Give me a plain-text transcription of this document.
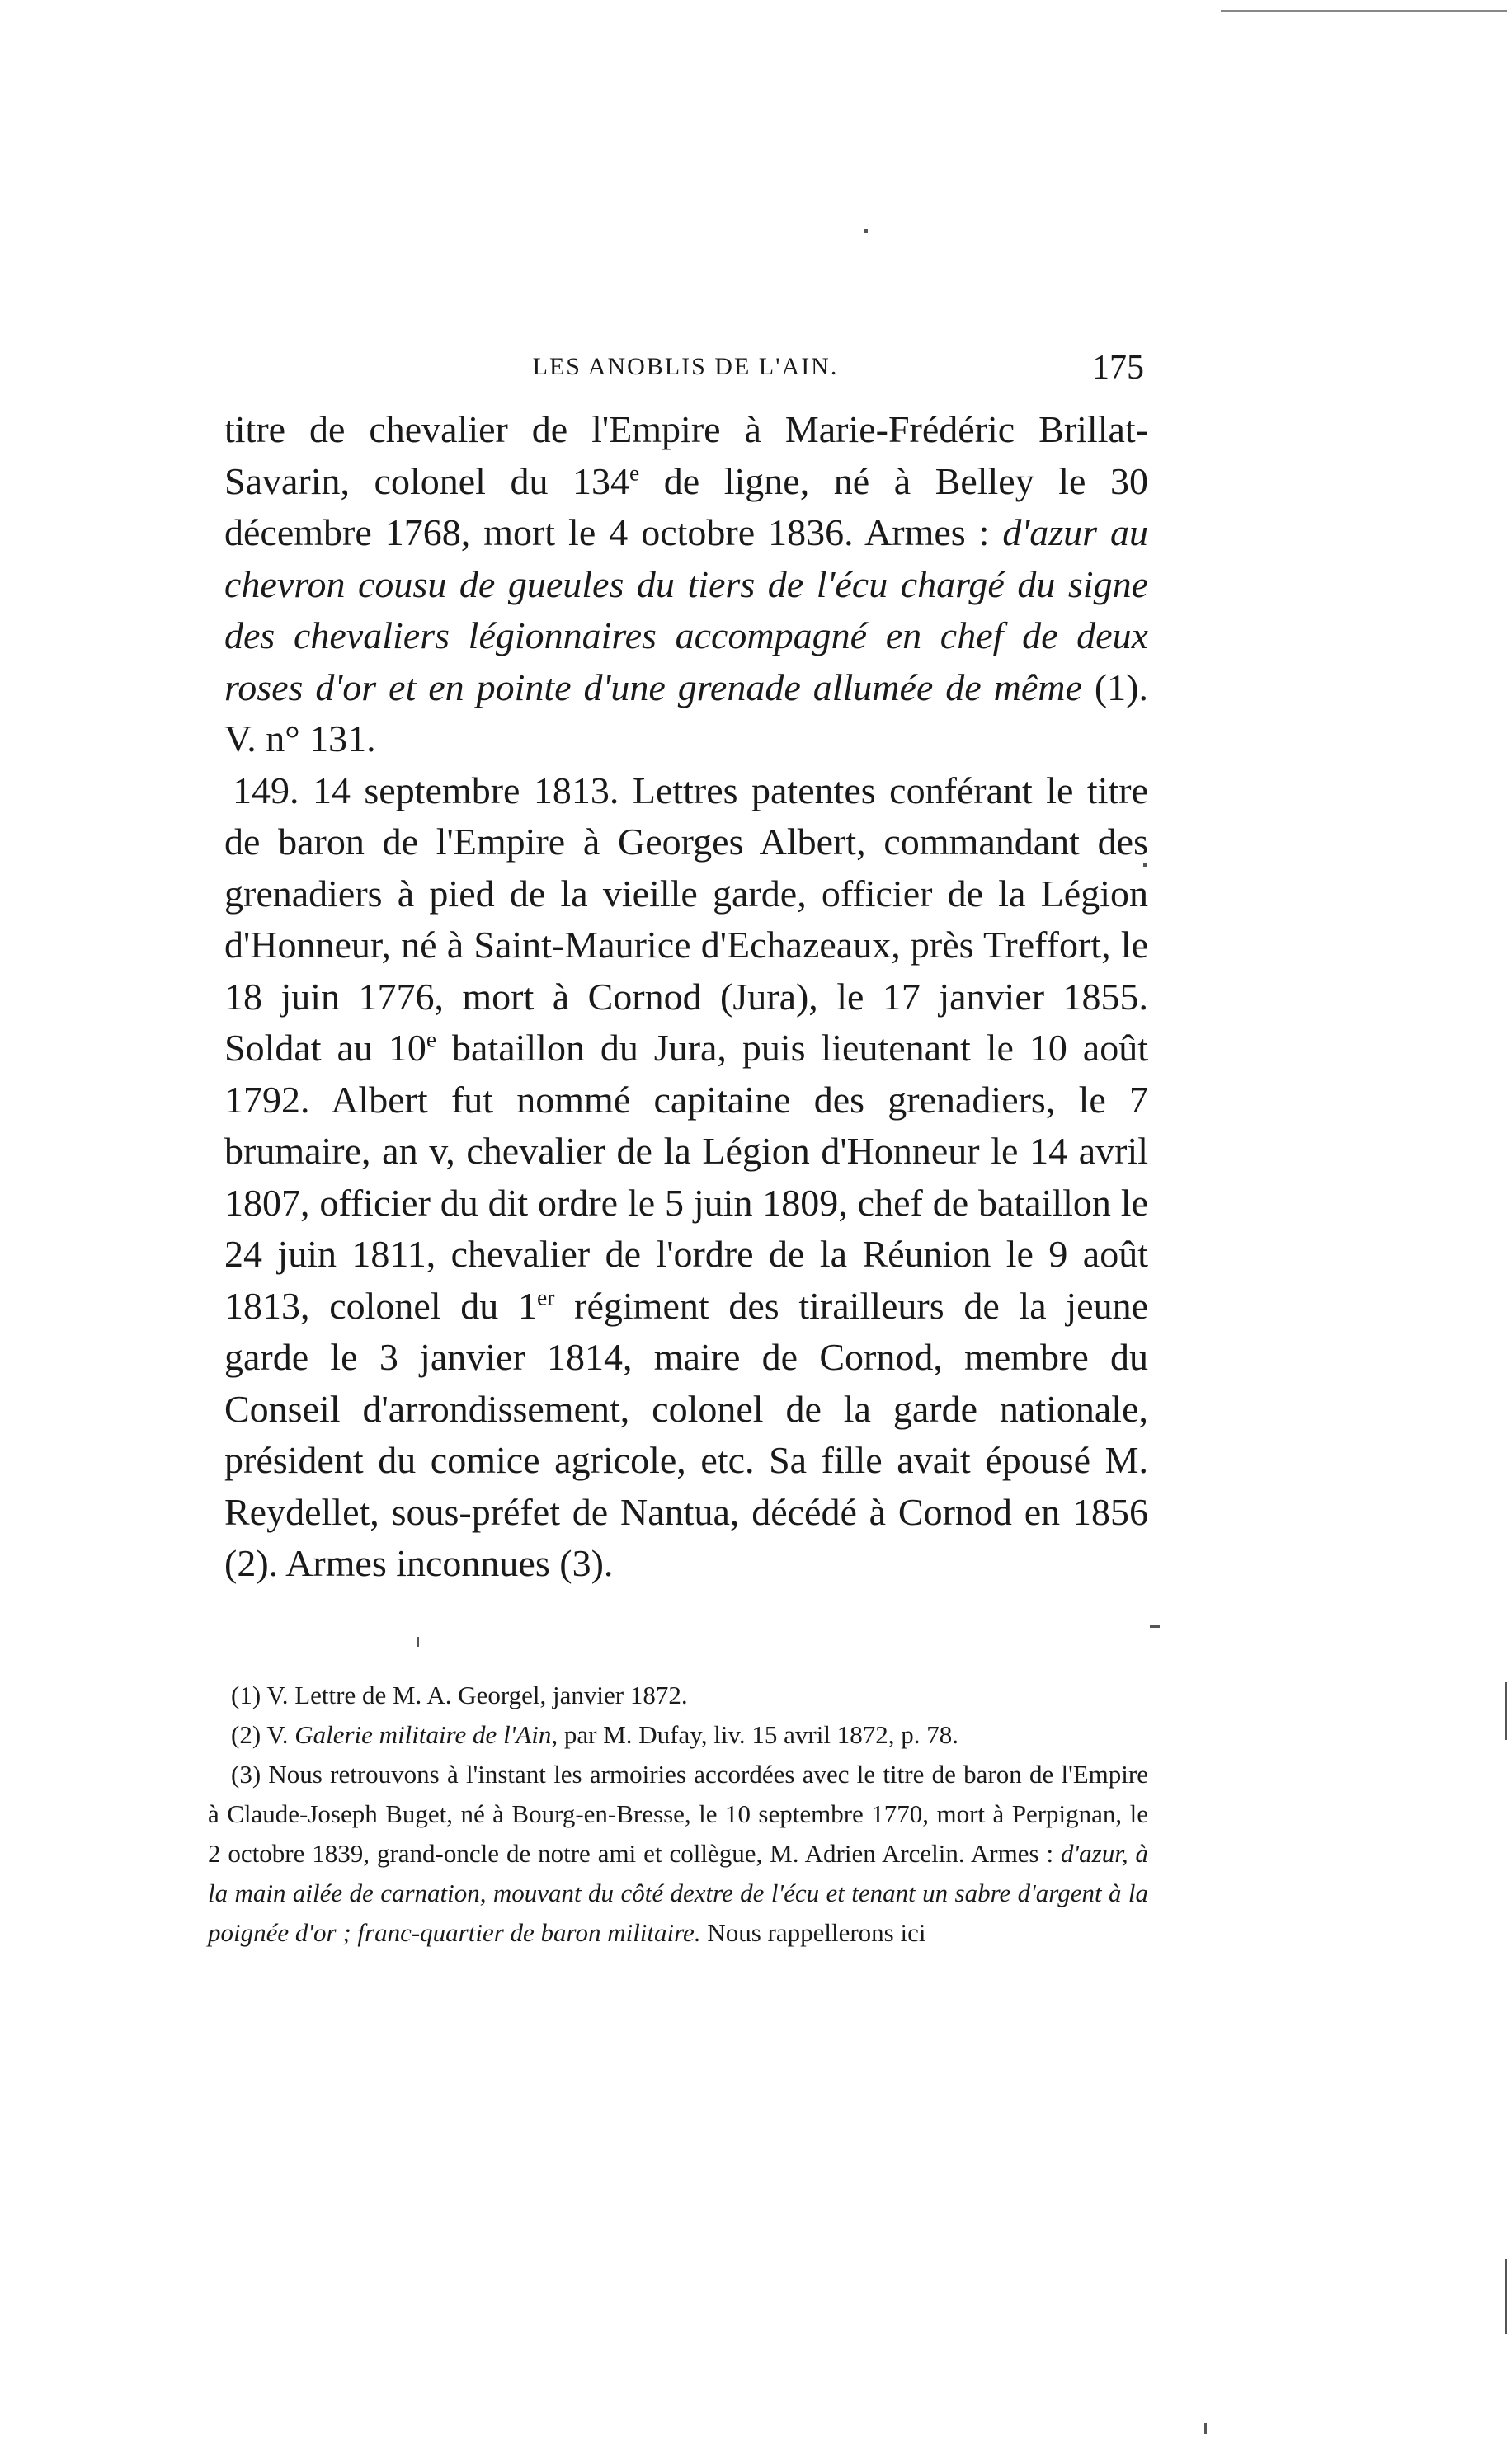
LES ANOBLIS DE L'AIN.	175

titre de chevalier de l'Empire à Marie-Frédéric Brillat-Savarin, colonel du 134e de ligne, né à Belley le 30 décembre 1768, mort le 4 octobre 1836. Armes : d'azur au chevron cousu de gueules du tiers de l'écu chargé du signe des chevaliers légionnaires accompagné en chef de deux roses d'or et en pointe d'une grenade allumée de même (1). V. n° 131.

149. 14 septembre 1813. Lettres patentes conférant le titre de baron de l'Empire à Georges Albert, commandant des grenadiers à pied de la vieille garde, officier de la Légion d'Honneur, né à Saint-Maurice d'Echazeaux, près Treffort, le 18 juin 1776, mort à Cornod (Jura), le 17 janvier 1855. Soldat au 10e bataillon du Jura, puis lieutenant le 10 août 1792. Albert fut nommé capitaine des grenadiers, le 7 brumaire, an v, chevalier de la Légion d'Honneur le 14 avril 1807, officier du dit ordre le 5 juin 1809, chef de bataillon le 24 juin 1811, chevalier de l'ordre de la Réunion le 9 août 1813, colonel du 1er régiment des tirailleurs de la jeune garde le 3 janvier 1814, maire de Cornod, membre du Conseil d'arrondissement, colonel de la garde nationale, président du comice agricole, etc. Sa fille avait épousé M. Reydellet, sous-préfet de Nantua, décédé à Cornod en 1856 (2). Armes inconnues (3).

(1) V. Lettre de M. A. Georgel, janvier 1872.

(2) V. Galerie militaire de l'Ain, par M. Dufay, liv. 15 avril 1872, p. 78.

(3) Nous retrouvons à l'instant les armoiries accordées avec le titre de baron de l'Empire à Claude-Joseph Buget, né à Bourg-en-Bresse, le 10 septembre 1770, mort à Perpignan, le 2 octobre 1839, grand-oncle de notre ami et collègue, M. Adrien Arcelin. Armes : d'azur, à la main ailée de carnation, mouvant du côté dextre de l'écu et tenant un sabre d'argent à la poignée d'or ; franc-quartier de baron militaire. Nous rappellerons ici
